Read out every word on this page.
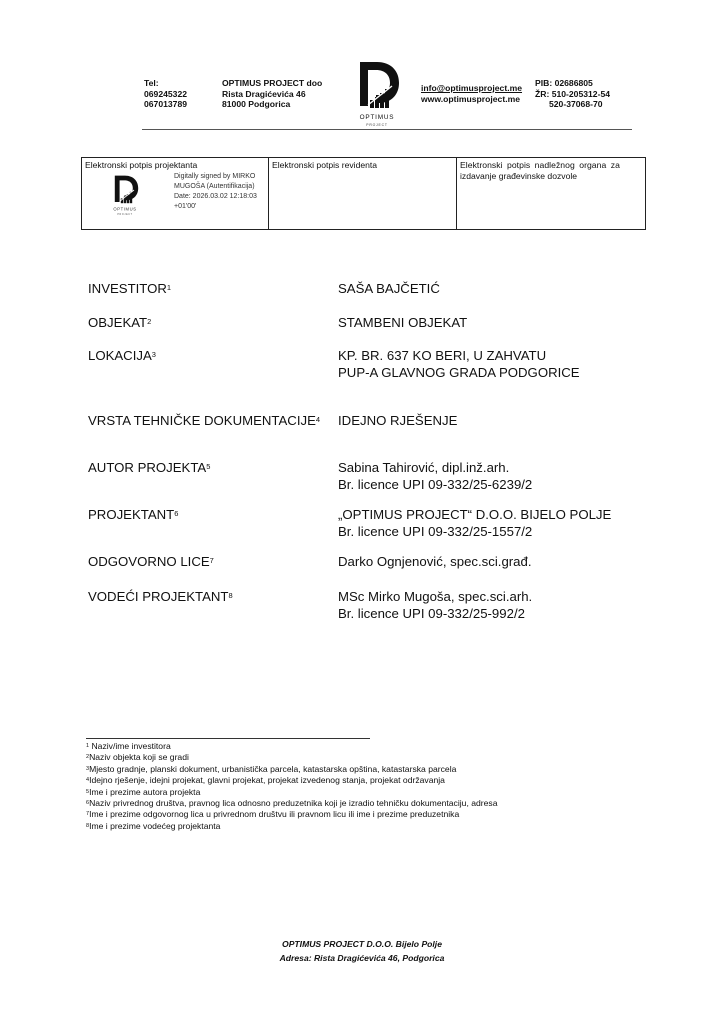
Tel:
069245322
067013789
OPTIMUS PROJECT doo
Rista Dragićevića 46
81000 Podgorica
OPTIMUS
PROJECT
info@optimusproject.me
www.optimusproject.me
PIB: 02686805
ŽR: 510-205312-54
520-37068-70
Elektronski potpis projektanta
OPTIMUS
PROJECT
Digitally signed by MIRKO
MUGOŠA (Autentifikacija)
Date: 2026.03.02 12:18:03
+01'00'
Elektronski potpis revidenta	Elektronski potpis nadležnog organa za
izdavanje građevinske dozvole
INVESTITOR$^1$	SAŠA BAJČETIĆ
OBJEKAT$^2$	STAMBENI OBJEKAT
LOKACIJA$^3$	KP. BR. 637 KO BERI, U ZAHVATU
PUP-A GLAVNOG GRADA PODGORICE
VRSTA TEHNIČKE DOKUMENTACIJE$^4$ IDEJNO RJEŠENJE
AUTOR PROJEKTA$^5$	Sabina Tahirović, dipl.inž.arh.
Br. licence UPI 09-332/25-6239/2
PROJEKTANT$^6$	„OPTIMUS PROJECT“ D.O.O. BIJELO POLJE
Br. licence UPI 09-332/25-1557/2
ODGOVORNO LICE$^7$	Darko Ognjenović, spec.sci.građ.
VODEĆI PROJEKTANT$^8$	MSc Mirko Mugoša, spec.sci.arh.
Br. licence UPI 09-332/25-992/2
$^1$ Naziv/ime investitora
$^2$Naziv objekta koji se gradi
$^3$Mjesto gradnje, planski dokument, urbanistička parcela, katastarska opština, katastarska parcela
$^4$Idejno rješenje, idejni projekat, glavni projekat, projekat izvedenog stanja, projekat održavanja
$^5$Ime i prezime autora projekta
$^6$Naziv privrednog društva, pravnog lica odnosno preduzetnika koji je izradio tehničku dokumentaciju, adresa
$^7$Ime i prezime odgovornog lica u privrednom društvu ili pravnom licu ili ime i prezime preduzetnika
$^8$Ime i prezime vodećeg projektanta
OPTIMUS PROJECT D.O.O. Bijelo Polje
Adresa: Rista Dragićevića 46, Podgorica
